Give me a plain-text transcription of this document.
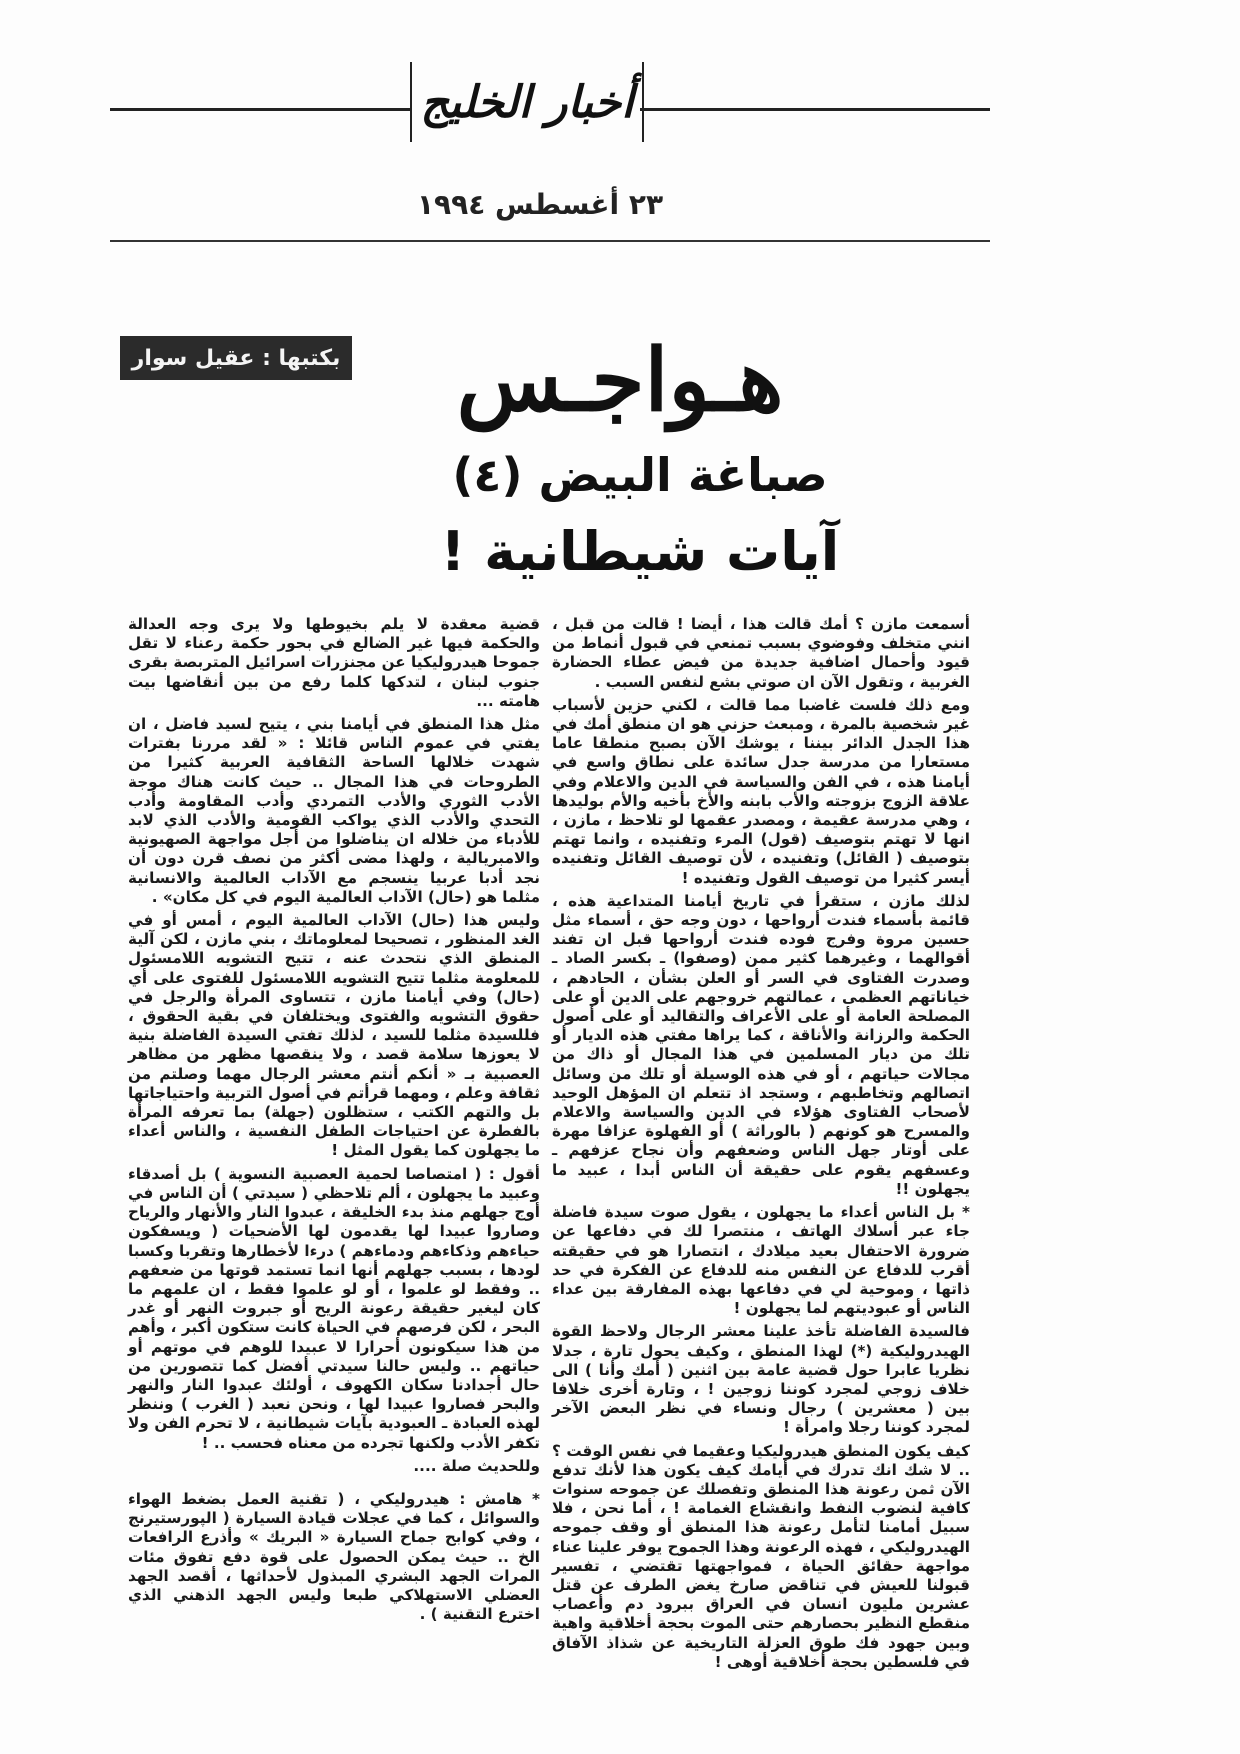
أخبار الخليج
٢٣ أغسطس ١٩٩٤
بكتبها : عقيل سوار	هـواجـس
صباغة البيض (٤)
آيات شيطانية !

أسمعت مازن ؟ أمك قالت هذا ، أيضا ! قالت من قبل ، انني متخلف وفوضوي بسبب تمنعي في قبول أنماط من قيود وأحمال اضافية جديدة من فيض عطاء الحضارة الغربية ، وتقول الآن ان صوتي بشع لنفس السبب .

ومع ذلك فلست غاضبا مما قالت ، لكني حزين لأسباب غير شخصية بالمرة ، ومبعث حزني هو ان منطق أمك في هذا الجدل الدائر بيننا ، يوشك الآن بصبح منطقا عاما مستعارا من مدرسة جدل سائدة على نطاق واسع في أيامنا هذه ، في الفن والسياسة في الدين والاعلام وفي علاقة الزوج بزوجته والأب بابنه والأخ بأخيه والأم بوليدها ، وهي مدرسة عقيمة ، ومصدر عقمها لو تلاحظ ، مازن ، انها لا تهتم بتوصيف (قول) المرء وتفنيده ، وانما تهتم بتوصيف ( القائل) وتفنيده ، لأن توصيف القائل وتفنيده أيسر كثيرا من توصيف القول وتفنيده !

لذلك مازن ، ستقرأ في تاريخ أيامنا المتداعية هذه ، قائمة بأسماء فندت أرواحها ، دون وجه حق ، أسماء مثل حسين مروة وفرج فوده فندت أرواحها قبل ان تفند أقوالهما ، وغيرهما كثير ممن (وصفوا) ـ بكسر الصاد ـ وصدرت الفتاوى في السر أو العلن بشأن ، الحادهم ، خياناتهم العظمى ، عمالتهم خروجهم على الدين أو على المصلحة العامة أو على الأعراف والتقاليد أو على أصول الحكمة والرزانة والأناقة ، كما يراها مفتي هذه الديار أو تلك من ديار المسلمين في هذا المجال أو ذاك من مجالات حياتهم ، أو في هذه الوسيلة أو تلك من وسائل اتصالهم وتخاطبهم ، وستجد اذ تتعلم ان المؤهل الوحيد لأصحاب الفتاوى هؤلاء في الدين والسياسة والاعلام والمسرح هو كونهم ( بالوراثة ) أو الفهلوة عزافا مهرة على أوتار جهل الناس وضعفهم وأن نجاح عزفهم ـ وعسفهم يقوم على حقيقة أن الناس أبدا ، عبيد ما يجهلون !!

* بل الناس أعداء ما يجهلون ، يقول صوت سيدة فاضلة جاء عبر أسلاك الهاتف ، منتصرا لك في دفاعها عن ضرورة الاحتفال بعيد ميلادك ، انتصارا هو في حقيقته أقرب للدفاع عن النفس منه للدفاع عن الفكرة في حد ذاتها ، وموحية لي في دفاعها بهذه المفارقة بين عداء الناس أو عبوديتهم لما يجهلون !

فالسيدة الفاضلة تأخذ علينا معشر الرجال ولاحظ القوة الهيدروليكية (*) لهذا المنطق ، وكيف يحول تارة ، جدلا نظريا عابرا حول قضية عامة بين اثنين ( أمك وأنا ) الى خلاف زوجي لمجرد كوننا زوجين ! ، وتارة أخرى خلافا بين ( معشرين ) رجال ونساء في نظر البعض الآخر لمجرد كوننا رجلا وامرأة !

كيف يكون المنطق هيدروليكيا وعقيما في نفس الوقت ؟ .. لا شك انك تدرك في أيامك كيف يكون هذا لأنك تدفع الآن ثمن رعونة هذا المنطق وتفصلك عن جموحه سنوات كافية لنضوب النفط وانقشاع الغمامة ! ، أما نحن ، فلا سبيل أمامنا لتأمل رعونة هذا المنطق أو وقف جموحه الهيدروليكي ، فهذه الرعونة وهذا الجموح يوفر علينا عناء مواجهة حقائق الحياة ، فمواجهتها تقتضي ، تفسير قبولنا للعيش في تناقض صارخ يغض الطرف عن قتل عشرين مليون انسان في العراق ببرود دم وأعصاب منقطع النظير بحصارهم حتى الموت بحجة أخلاقية واهية وبين جهود فك طوق العزلة التاريخية عن شذاذ الآفاق في فلسطين بحجة أخلاقية أوهى !

قضية معقدة لا يلم بخيوطها ولا يرى وجه العدالة والحكمة فيها غير الضالع في بحور حكمة رعناء لا تقل جموحا هيدروليكيا عن مجنزرات اسرائيل المتربصة بقرى جنوب لبنان ، لتدكها كلما رفع من بين أنقاضها بيت هامته ...

مثل هذا المنطق في أيامنا بني ، يتيح لسيد فاضل ، ان يفتي في عموم الناس قائلا : « لقد مررنا بفترات شهدت خلالها الساحة الثقافية العربية كثيرا من الطروحات في هذا المجال .. حيث كانت هناك موجة الأدب الثوري والأدب التمردي وأدب المقاومة وأدب التحدي والأدب الذي يواكب القومية والأدب الذي لابد للأدباء من خلاله ان يناضلوا من أجل مواجهة الصهيونية والامبريالية ، ولهذا مضى أكثر من نصف قرن دون أن نجد أدبا عربيا ينسجم مع الآداب العالمية والانسانية مثلما هو (حال) الآداب العالمية اليوم في كل مكان» .

وليس هذا (حال) الآداب العالمية اليوم ، أمس أو في الغد المنظور ، تصحيحا لمعلوماتك ، بني مازن ، لكن آلية المنطق الذي نتحدث عنه ، تتيح التشويه اللامسئول للمعلومة مثلما تتيح التشويه اللامسئول للفتوى على أي (حال) وفي أيامنا مازن ، تتساوى المرأة والرجل في حقوق التشويه والفتوى ويختلفان في بقية الحقوق ، فللسيدة مثلما للسيد ، لذلك تفتي السيدة الفاضلة بنية لا يعوزها سلامة قصد ، ولا ينقصها مظهر من مظاهر العصبية بـ « أنكم أنتم معشر الرجال مهما وصلتم من ثقافة وعلم ، ومهما قرأتم في أصول التربية واحتياجاتها بل والتهم الكتب ، ستظلون (جهلة) بما تعرفه المرأة بالفطرة عن احتياجات الطفل النفسية ، والناس أعداء ما يجهلون كما يقول المثل !

أقول : ( امتصاصا لحمية العصبية النسوية ) بل أصدقاء وعبيد ما يجهلون ، ألم تلاحظي ( سيدتي ) أن الناس في أوج جهلهم منذ بدء الخليقة ، عبدوا النار والأنهار والرياح وصاروا عبيدا لها يقدمون لها الأضحيات ( ويسفكون حياءهم وذكاءهم ودماءهم ) درءا لأخطارها وتقربا وكسبا لودها ، بسبب جهلهم أنها انما تستمد قوتها من ضعفهم .. وفقط لو علموا ، أو لو علموا فقط ، ان علمهم ما كان ليغير حقيقة رعونة الريح أو جبروت النهر أو غدر البحر ، لكن فرصهم في الحياة كانت ستكون أكبر ، وأهم من هذا سيكونون أحرارا لا عبيدا للوهم في موتهم أو حياتهم .. وليس حالنا سيدتي أفضل كما تتصورين من حال أجدادنا سكان الكهوف ، أولئك عبدوا النار والنهر والبحر فصاروا عبيدا لها ، ونحن نعبد ( الغرب ) وننظر لهذه العبادة ـ العبودية بآيات شيطانية ، لا تحرم الفن ولا تكفر الأدب ولكنها تجرده من معناه فحسب .. !

وللحديث صلة ....

* هامش : هيدروليكي ، ( تقنية العمل بضغط الهواء والسوائل ، كما في عجلات قيادة السيارة ( الپورستيرنج ، وفي كوابح جماح السيارة « البريك » وأذرع الرافعات الخ .. حيث يمكن الحصول على قوة دفع تفوق مئات المرات الجهد البشري المبذول لأحداثها ، أقصد الجهد العضلي الاستهلاكي طبعا وليس الجهد الذهني الذي اخترع التقنية ) .
